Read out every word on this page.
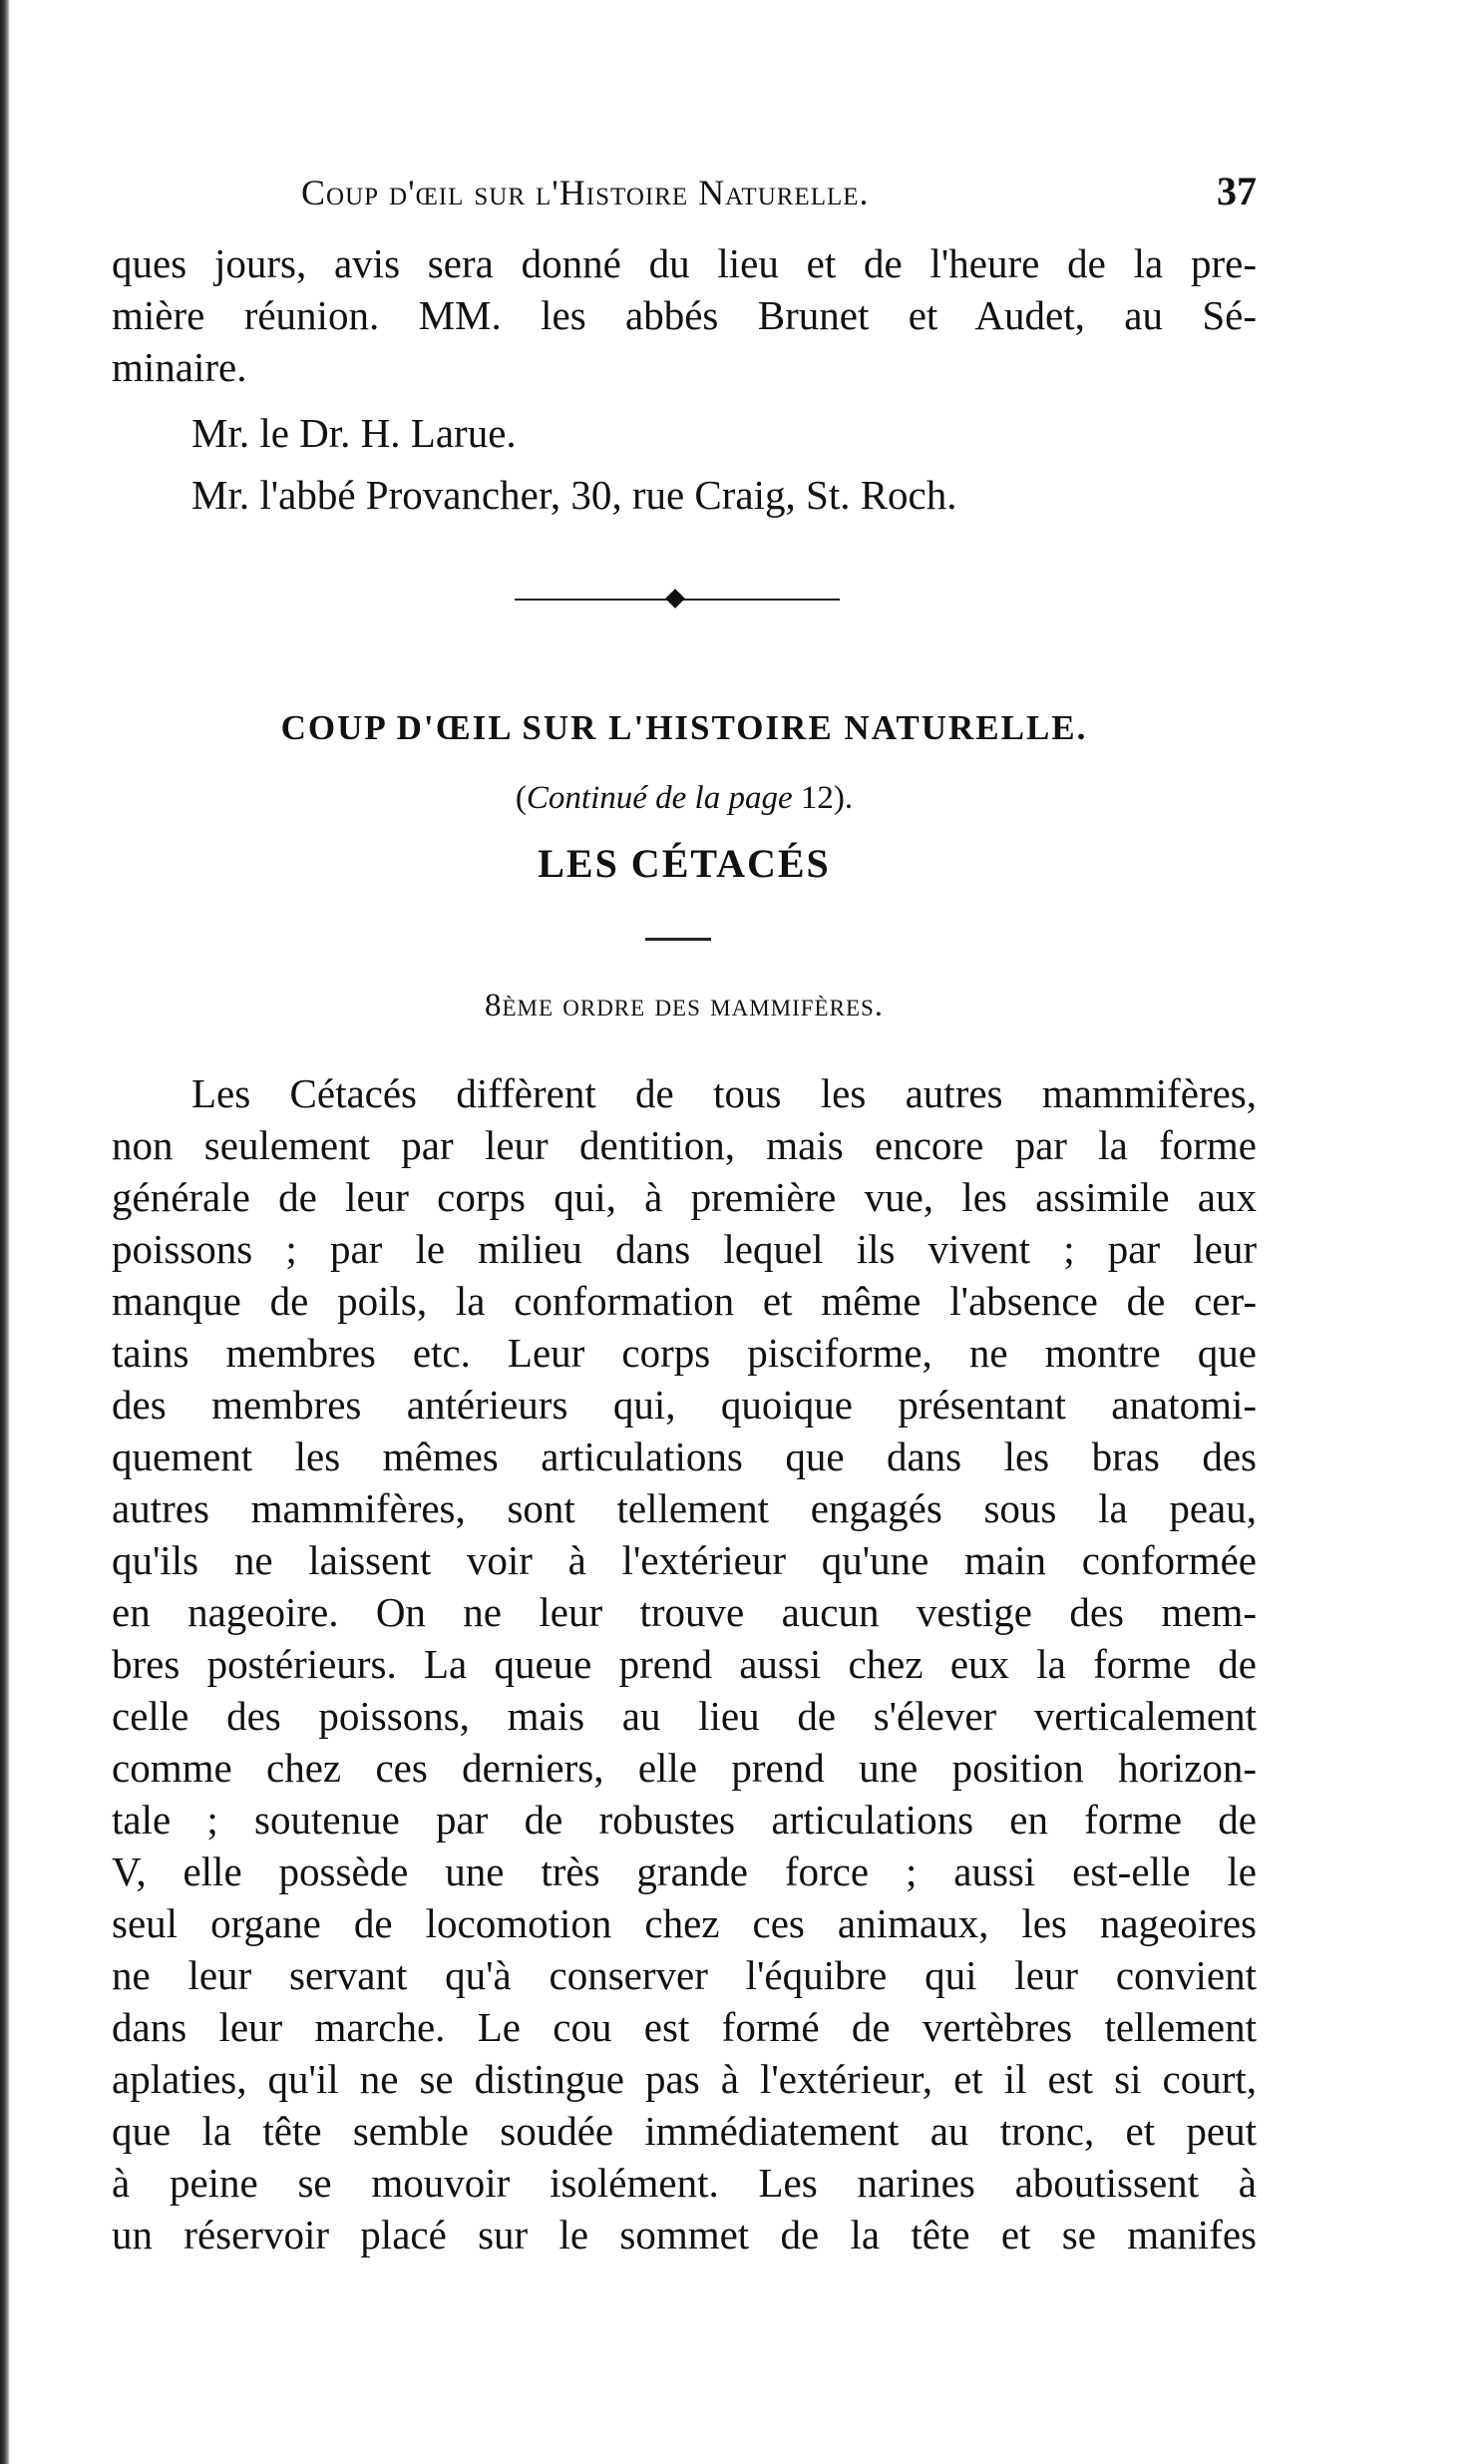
Coup d'œil sur l'Histoire Naturelle.	37
ques jours, avis sera donné du lieu et de l'heure de la pre-
mière réunion. MM. les abbés Brunet et Audet, au Sé-
minaire.
Mr. le Dr. H. Larue.
Mr. l'abbé Provancher, 30, rue Craig, St. Roch.
COUP D'ŒIL SUR L'HISTOIRE NATURELLE.
(Continué de la page 12).
LES CÉTACÉS
8ème ordre des mammifères.
Les Cétacés diffèrent de tous les autres mammifères,
non seulement par leur dentition, mais encore par la forme
générale de leur corps qui, à première vue, les assimile aux
poissons ; par le milieu dans lequel ils vivent ; par leur
manque de poils, la conformation et même l'absence de cer-
tains membres etc. Leur corps pisciforme, ne montre que
des membres antérieurs qui, quoique présentant anatomi-
quement les mêmes articulations que dans les bras des
autres mammifères, sont tellement engagés sous la peau,
qu'ils ne laissent voir à l'extérieur qu'une main conformée
en nageoire. On ne leur trouve aucun vestige des mem-
bres postérieurs. La queue prend aussi chez eux la forme de
celle des poissons, mais au lieu de s'élever verticalement
comme chez ces derniers, elle prend une position horizon-
tale ; soutenue par de robustes articulations en forme de
V, elle possède une très grande force ; aussi est-elle le
seul organe de locomotion chez ces animaux, les nageoires
ne leur servant qu'à conserver l'équibre qui leur convient
dans leur marche. Le cou est formé de vertèbres tellement
aplaties, qu'il ne se distingue pas à l'extérieur, et il est si court,
que la tête semble soudée immédiatement au tronc, et peut
à peine se mouvoir isolément. Les narines aboutissent à
un réservoir placé sur le sommet de la tête et se manifes
